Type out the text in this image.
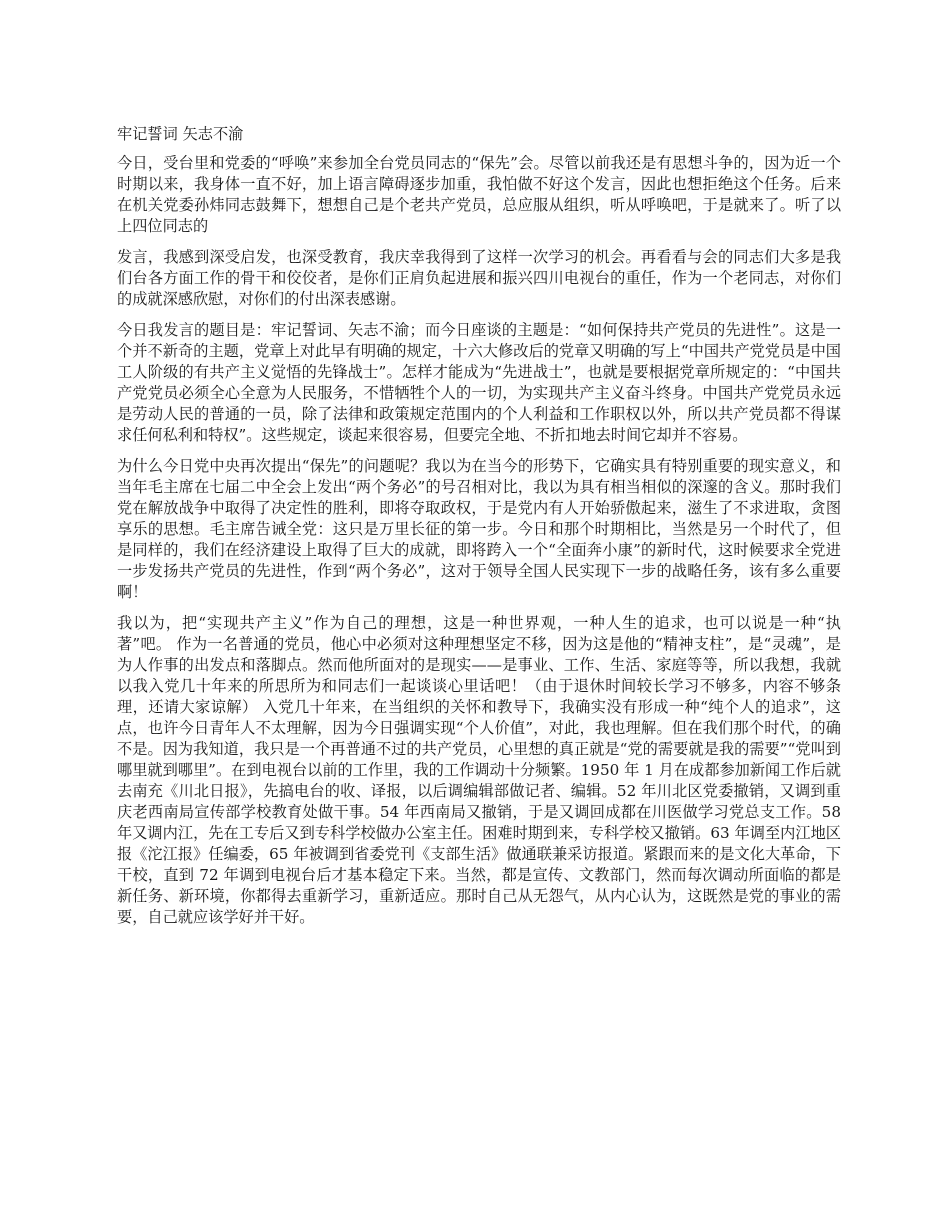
牢记誓词 矢志不渝

今日，受台里和党委的“呼唤”来参加全台党员同志的“保先”会。尽管以前我还是有思想斗争的，因为近一个时期以来，我身体一直不好，加上语言障碍逐步加重，我怕做不好这个发言，因此也想拒绝这个任务。后来在机关党委孙炜同志鼓舞下，想想自己是个老共产党员，总应服从组织，听从呼唤吧，于是就来了。听了以上四位同志的

发言，我感到深受启发，也深受教育，我庆幸我得到了这样一次学习的机会。再看看与会的同志们大多是我们台各方面工作的骨干和佼佼者，是你们正肩负起进展和振兴四川电视台的重任，作为一个老同志，对你们的成就深感欣慰，对你们的付出深表感谢。

今日我发言的题目是：牢记誓词、矢志不渝；而今日座谈的主题是：“如何保持共产党员的先进性”。这是一个并不新奇的主题，党章上对此早有明确的规定，十六大修改后的党章又明确的写上“中国共产党党员是中国工人阶级的有共产主义觉悟的先锋战士”。怎样才能成为“先进战士”，也就是要根据党章所规定的：“中国共产党党员必须全心全意为人民服务，不惜牺牲个人的一切，为实现共产主义奋斗终身。中国共产党党员永远是劳动人民的普通的一员，除了法律和政策规定范围内的个人利益和工作职权以外，所以共产党员都不得谋求任何私利和特权”。这些规定，谈起来很容易，但要完全地、不折扣地去时间它却并不容易。

为什么今日党中央再次提出“保先”的问题呢？我以为在当今的形势下，它确实具有特别重要的现实意义，和当年毛主席在七届二中全会上发出“两个务必”的号召相对比，我以为具有相当相似的深邃的含义。那时我们党在解放战争中取得了决定性的胜利，即将夺取政权，于是党内有人开始骄傲起来，滋生了不求进取，贪图享乐的思想。毛主席告诫全党：这只是万里长征的第一步。今日和那个时期相比，当然是另一个时代了，但是同样的，我们在经济建设上取得了巨大的成就，即将跨入一个“全面奔小康”的新时代，这时候要求全党进一步发扬共产党员的先进性，作到“两个务必”，这对于领导全国人民实现下一步的战略任务，该有多么重要啊！

我以为，把“实现共产主义”作为自己的理想，这是一种世界观，一种人生的追求，也可以说是一种“执著”吧。 作为一名普通的党员，他心中必须对这种理想坚定不移，因为这是他的“精神支柱”，是“灵魂”，是为人作事的出发点和落脚点。然而他所面对的是现实——是事业、工作、生活、家庭等等，所以我想，我就以我入党几十年来的所思所为和同志们一起谈谈心里话吧！（由于退休时间较长学习不够多，内容不够条理，还请大家谅解） 入党几十年来，在当组织的关怀和教导下，我确实没有形成一种“纯个人的追求”，这点，也许今日青年人不太理解，因为今日强调实现“个人价值”，对此，我也理解。但在我们那个时代，的确不是。因为我知道，我只是一个再普通不过的共产党员，心里想的真正就是“党的需要就是我的需要”“党叫到哪里就到哪里”。在到电视台以前的工作里，我的工作调动十分频繁。1950 年 1 月在成都参加新闻工作后就去南充《川北日报》，先搞电台的收、译报，以后调编辑部做记者、编辑。52 年川北区党委撤销，又调到重庆老西南局宣传部学校教育处做干事。54 年西南局又撤销，于是又调回成都在川医做学习党总支工作。58 年又调内江，先在工专后又到专科学校做办公室主任。困难时期到来，专科学校又撤销。63 年调至内江地区报《沱江报》任编委，65 年被调到省委党刊《支部生活》做通联兼采访报道。紧跟而来的是文化大革命，下干校，直到 72 年调到电视台后才基本稳定下来。当然，都是宣传、文教部门，然而每次调动所面临的都是新任务、新环境，你都得去重新学习，重新适应。那时自己从无怨气，从内心认为，这既然是党的事业的需要，自己就应该学好并干好。
